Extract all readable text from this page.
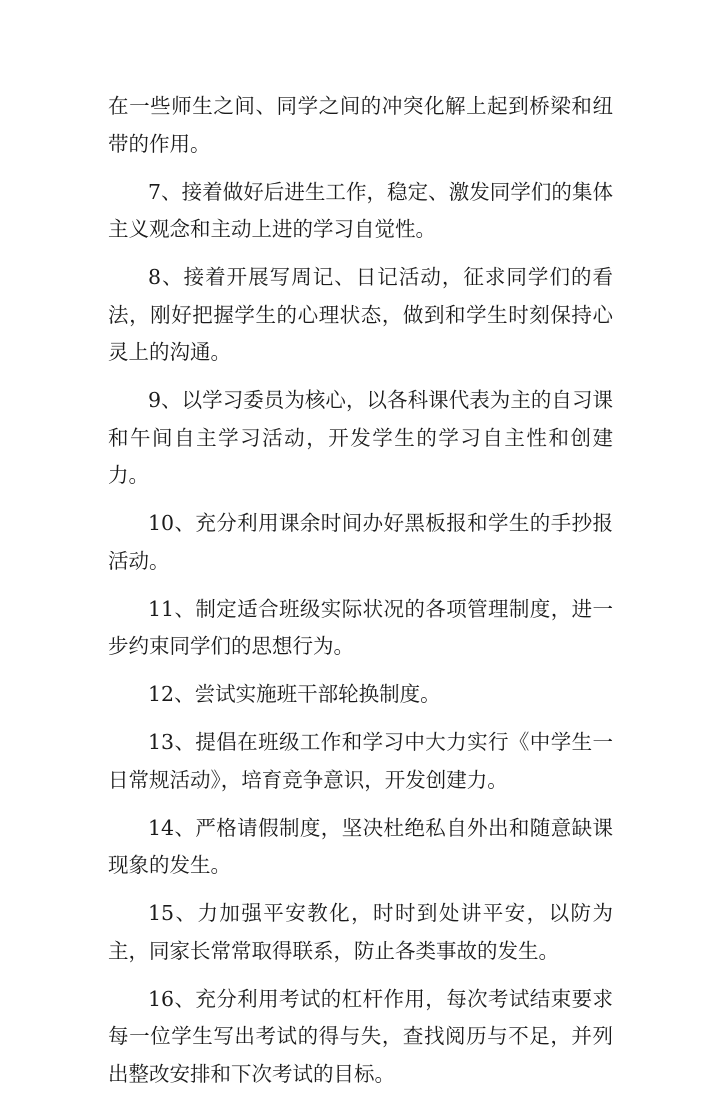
在一些师生之间、同学之间的冲突化解上起到桥梁和纽带的作用。

7、接着做好后进生工作，稳定、激发同学们的集体主义观念和主动上进的学习自觉性。

8、接着开展写周记、日记活动，征求同学们的看法，刚好把握学生的心理状态，做到和学生时刻保持心灵上的沟通。

9、以学习委员为核心，以各科课代表为主的自习课和午间自主学习活动，开发学生的学习自主性和创建力。

10、充分利用课余时间办好黑板报和学生的手抄报活动。

11、制定适合班级实际状况的各项管理制度，进一步约束同学们的思想行为。

12、尝试实施班干部轮换制度。

13、提倡在班级工作和学习中大力实行《中学生一日常规活动》，培育竞争意识，开发创建力。

14、严格请假制度，坚决杜绝私自外出和随意缺课现象的发生。

15、力加强平安教化，时时到处讲平安，以防为主，同家长常常取得联系，防止各类事故的发生。

16、充分利用考试的杠杆作用，每次考试结束要求每一位学生写出考试的得与失，查找阅历与不足，并列出整改安排和下次考试的目标。
